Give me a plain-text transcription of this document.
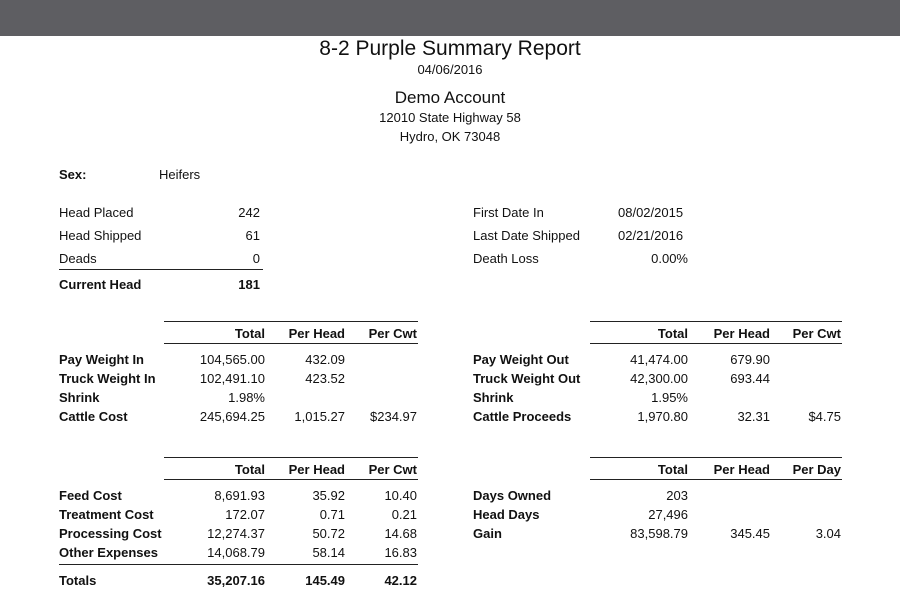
8-2 Purple Summary Report
04/06/2016
Demo Account
12010 State Highway 58
Hydro, OK 73048
Sex:	Heifers
Head Placed	242
Head Shipped	61
Deads	0
Current Head	181
First Date In	08/02/2015
Last Date Shipped	02/21/2016
Death Loss	0.00%
Total	Per Head	Per Cwt
Pay Weight In	104,565.00	432.09
Truck Weight In	102,491.10	423.52
Shrink	1.98%
Cattle Cost	245,694.25	1,015.27	$234.97
Total	Per Head	Per Cwt
Pay Weight Out	41,474.00	679.90
Truck Weight Out	42,300.00	693.44
Shrink	1.95%
Cattle Proceeds	1,970.80	32.31	$4.75
Total	Per Head	Per Cwt
Feed Cost	8,691.93	35.92	10.40
Treatment Cost	172.07	0.71	0.21
Processing Cost	12,274.37	50.72	14.68
Other Expenses	14,068.79	58.14	16.83
Totals	35,207.16	145.49	42.12
Total	Per Head	Per Day
Days Owned	203
Head Days	27,496
Gain	83,598.79	345.45	3.04
